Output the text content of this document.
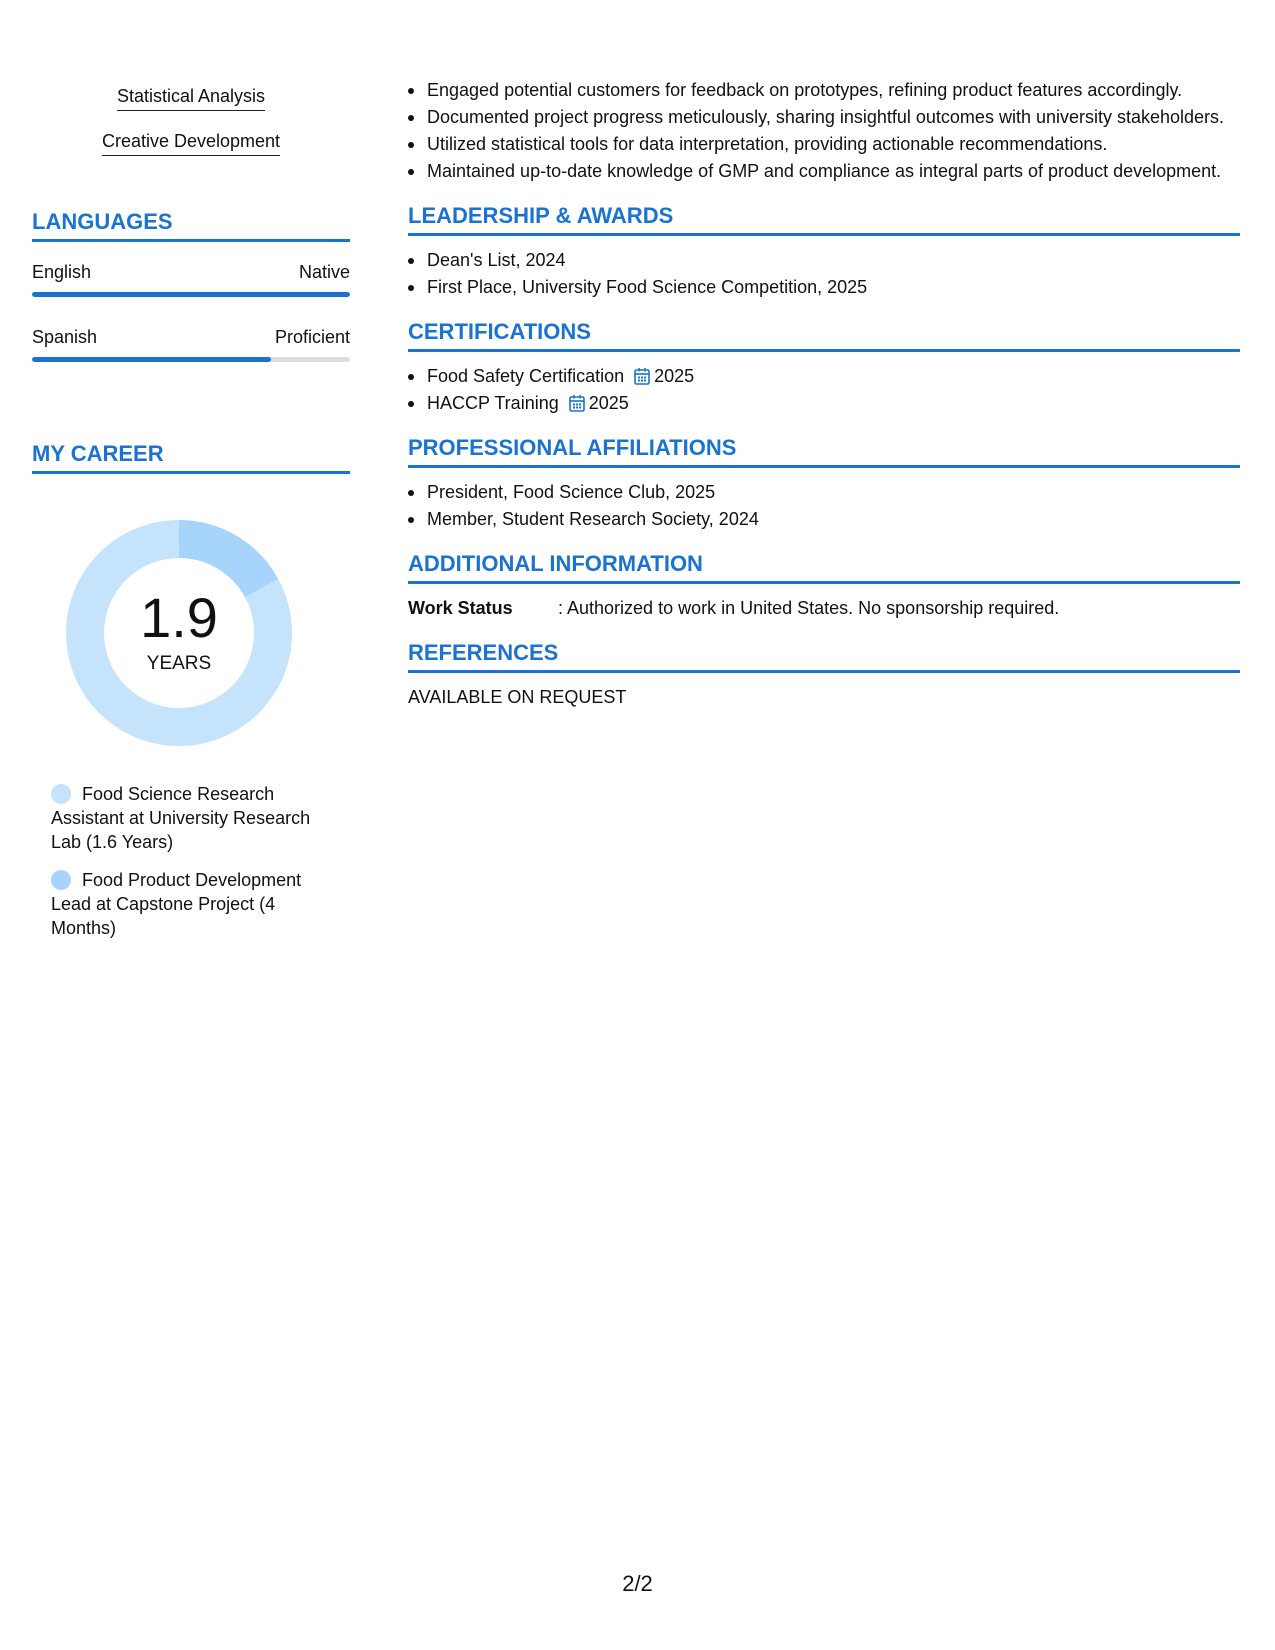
Statistical Analysis
Creative Development
LANGUAGES
English	Native
Spanish	Proficient
MY CAREER
1.9
YEARS
Food Science Research Assistant at University Research Lab (1.6 Years)
Food Product Development Lead at Capstone Project (4 Months)
Engaged potential customers for feedback on prototypes, refining product features accordingly.
Documented project progress meticulously, sharing insightful outcomes with university stakeholders.
Utilized statistical tools for data interpretation, providing actionable recommendations.
Maintained up-to-date knowledge of GMP and compliance as integral parts of product development.
LEADERSHIP & AWARDS
Dean's List, 2024
First Place, University Food Science Competition, 2025
CERTIFICATIONS
Food Safety Certification 2025
HACCP Training 2025
PROFESSIONAL AFFILIATIONS
President, Food Science Club, 2025
Member, Student Research Society, 2024
ADDITIONAL INFORMATION
Work Status	: Authorized to work in United States. No sponsorship required.
REFERENCES
AVAILABLE ON REQUEST
2/2
